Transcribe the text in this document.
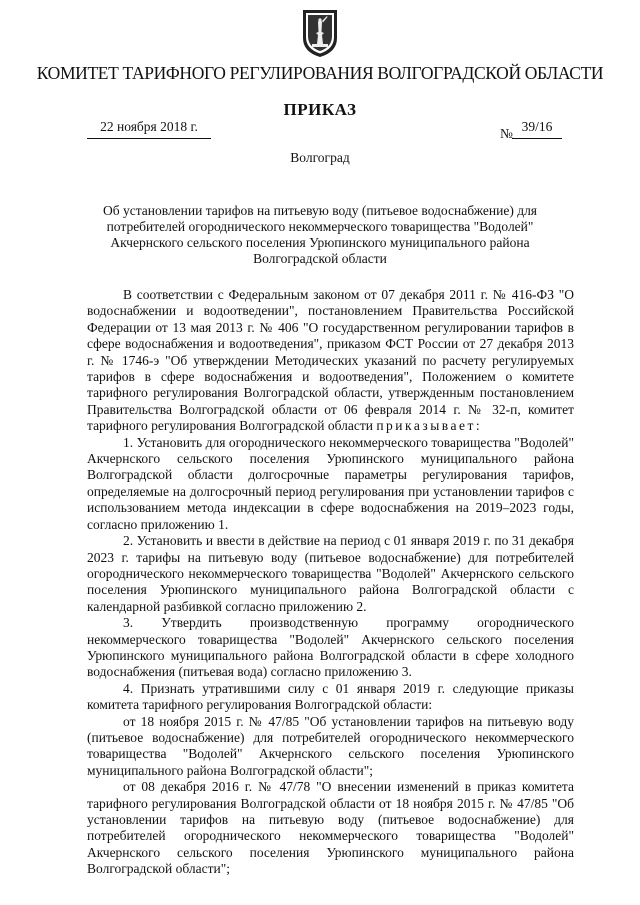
КОМИТЕТ ТАРИФНОГО РЕГУЛИРОВАНИЯ ВОЛГОГРАДСКОЙ ОБЛАСТИ
ПРИКАЗ
22 ноября 2018 г.	№ 39/16
Волгоград
Об установлении тарифов на питьевую воду (питьевое водоснабжение) для потребителей огороднического некоммерческого товарищества "Водолей" Акчернского сельского поселения Урюпинского муниципального района Волгоградской области

В соответствии с Федеральным законом от 07 декабря 2011 г. № 416-ФЗ "О водоснабжении и водоотведении", постановлением Правительства Российской Федерации от 13 мая 2013 г. № 406 "О государственном регулировании тарифов в сфере водоснабжения и водоотведения", приказом ФСТ России от 27 декабря 2013 г. № 1746-э "Об утверждении Методических указаний по расчету регулируемых тарифов в сфере водоснабжения и водоотведения", Положением о комитете тарифного регулирования Волгоградской области, утвержденным постановлением Правительства Волгоградской области от 06 февраля 2014 г. № 32-п, комитет тарифного регулирования Волгоградской области приказывает:

1. Установить для огороднического некоммерческого товарищества "Водолей" Акчернского сельского поселения Урюпинского муниципального района Волгоградской области долгосрочные параметры регулирования тарифов, определяемые на долгосрочный период регулирования при установлении тарифов с использованием метода индексации в сфере водоснабжения на 2019–2023 годы, согласно приложению 1.

2. Установить и ввести в действие на период с 01 января 2019 г. по 31 декабря 2023 г. тарифы на питьевую воду (питьевое водоснабжение) для потребителей огороднического некоммерческого товарищества "Водолей" Акчернского сельского поселения Урюпинского муниципального района Волгоградской области с календарной разбивкой согласно приложению 2.

3. Утвердить производственную программу огороднического некоммерческого товарищества "Водолей" Акчернского сельского поселения Урюпинского муниципального района Волгоградской области в сфере холодного водоснабжения (питьевая вода) согласно приложению 3.

4. Признать утратившими силу с 01 января 2019 г. следующие приказы комитета тарифного регулирования Волгоградской области:

от 18 ноября 2015 г. № 47/85 "Об установлении тарифов на питьевую воду (питьевое водоснабжение) для потребителей огороднического некоммерческого товарищества "Водолей" Акчернского сельского поселения Урюпинского муниципального района Волгоградской области";

от 08 декабря 2016 г. № 47/78 "О внесении изменений в приказ комитета тарифного регулирования Волгоградской области от 18 ноября 2015 г. № 47/85 "Об установлении тарифов на питьевую воду (питьевое водоснабжение) для потребителей огороднического некоммерческого товарищества "Водолей" Акчернского сельского поселения Урюпинского муниципального района Волгоградской области";
